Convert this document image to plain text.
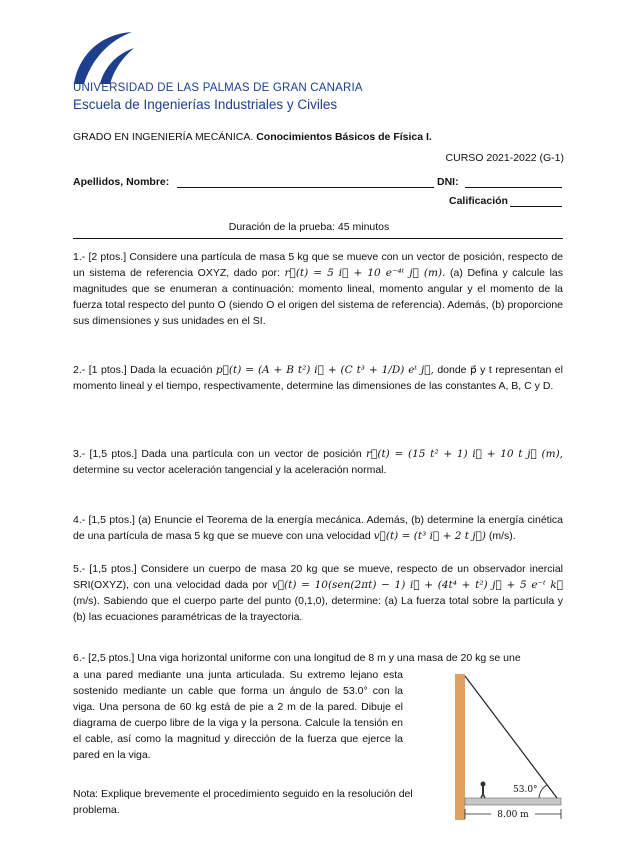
UNIVERSIDAD DE LAS PALMAS DE GRAN CANARIA
Escuela de Ingenierías Industriales y Civiles
GRADO EN INGENIERÍA MECÁNICA. Conocimientos Básicos de Física I.
CURSO 2021-2022 (G-1)
Apellidos, Nombre:	DNI:
Calificación
Duración de la prueba: 45 minutos
1.- [2 ptos.] Considere una partícula de masa 5 kg que se mueve con un vector de posición, respecto de un sistema de referencia OXYZ, dado por: r⃗(t) = 5 i⃗ + 10 e⁻⁴ᵗ j⃗ (m). (a) Defina y calcule las magnitudes que se enumeran a continuación: momento lineal, momento angular y el momento de la fuerza total respecto del punto O (siendo O el origen del sistema de referencia). Además, (b) proporcione sus dimensiones y sus unidades en el SI.
2.- [1 ptos.] Dada la ecuación p⃗(t) = (A + B t²) i⃗ + (C t³ + 1/D) eᵗ j⃗, donde p⃗ y t representan el momento lineal y el tiempo, respectivamente, determine las dimensiones de las constantes A, B, C y D.
3.- [1,5 ptos.] Dada una partícula con un vector de posición r⃗(t) = (15 t² + 1) i⃗ + 10 t j⃗ (m), determine su vector aceleración tangencial y la aceleración normal.
4.- [1,5 ptos.] (a) Enuncie el Teorema de la energía mecánica. Además, (b) determine la energía cinética de una partícula de masa 5 kg que se mueve con una velocidad v⃗(t) = (t³ i⃗ + 2 t j⃗) (m/s).
5.- [1,5 ptos.] Considere un cuerpo de masa 20 kg que se mueve, respecto de un observador inercial SRI(OXYZ), con una velocidad dada por v⃗(t) = 10(sen(2πt) − 1) i⃗ + (4t⁴ + t²) j⃗ + 5 e⁻ᵗ k⃗ (m/s). Sabiendo que el cuerpo parte del punto (0,1,0), determine: (a) La fuerza total sobre la partícula y (b) las ecuaciones paramétricas de la trayectoria.
6.- [2,5 ptos.] Una viga horizontal uniforme con una longitud de 8 m y una masa de 20 kg se une
a una pared mediante una junta articulada. Su extremo lejano esta sostenido mediante un cable que forma un ángulo de 53.0° con la viga. Una persona de 60 kg está de pie a 2 m de la pared. Dibuje el diagrama de cuerpo libre de la viga y la persona. Calcule la tensión en el cable, así como la magnitud y dirección de la fuerza que ejerce la pared en la viga.
Nota: Explique brevemente el procedimiento seguido en la resolución del problema.
53.0°
8.00 m
